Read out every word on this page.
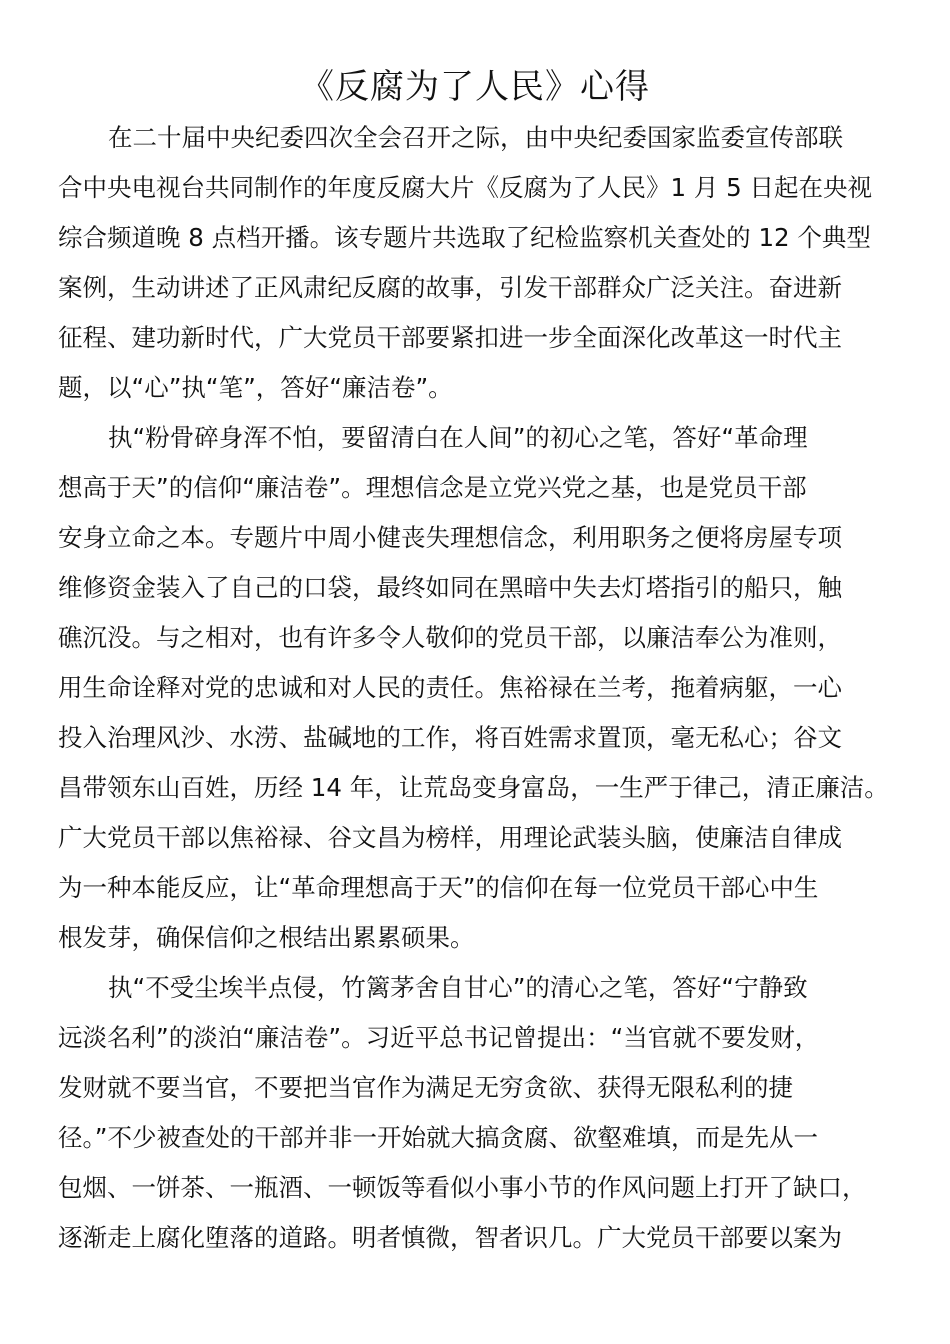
《反腐为了人民》心得

在二十届中央纪委四次全会召开之际，由中央纪委国家监委宣传部联

合中央电视台共同制作的年度反腐大片《反腐为了人民》1 月 5 日起在央视

综合频道晚 8 点档开播。该专题片共选取了纪检监察机关查处的 12 个典型

案例，生动讲述了正风肃纪反腐的故事，引发干部群众广泛关注。奋进新

征程、建功新时代，广大党员干部要紧扣进一步全面深化改革这一时代主

题，以“心”执“笔”，答好“廉洁卷”。

执“粉骨碎身浑不怕，要留清白在人间”的初心之笔，答好“革命理

想高于天”的信仰“廉洁卷”。理想信念是立党兴党之基，也是党员干部

安身立命之本。专题片中周小健丧失理想信念，利用职务之便将房屋专项

维修资金装入了自己的口袋，最终如同在黑暗中失去灯塔指引的船只，触

礁沉没。与之相对，也有许多令人敬仰的党员干部，以廉洁奉公为准则，

用生命诠释对党的忠诚和对人民的责任。焦裕禄在兰考，拖着病躯，一心

投入治理风沙、水涝、盐碱地的工作，将百姓需求置顶，毫无私心；谷文

昌带领东山百姓，历经 14 年，让荒岛变身富岛，一生严于律己，清正廉洁。

广大党员干部以焦裕禄、谷文昌为榜样，用理论武装头脑，使廉洁自律成

为一种本能反应，让“革命理想高于天”的信仰在每一位党员干部心中生

根发芽，确保信仰之根结出累累硕果。

执“不受尘埃半点侵，竹篱茅舍自甘心”的清心之笔，答好“宁静致

远淡名利”的淡泊“廉洁卷”。习近平总书记曾提出：“当官就不要发财，

发财就不要当官，不要把当官作为满足无穷贪欲、获得无限私利的捷

径。”不少被查处的干部并非一开始就大搞贪腐、欲壑难填，而是先从一

包烟、一饼茶、一瓶酒、一顿饭等看似小事小节的作风问题上打开了缺口，

逐渐走上腐化堕落的道路。明者慎微，智者识几。广大党员干部要以案为
